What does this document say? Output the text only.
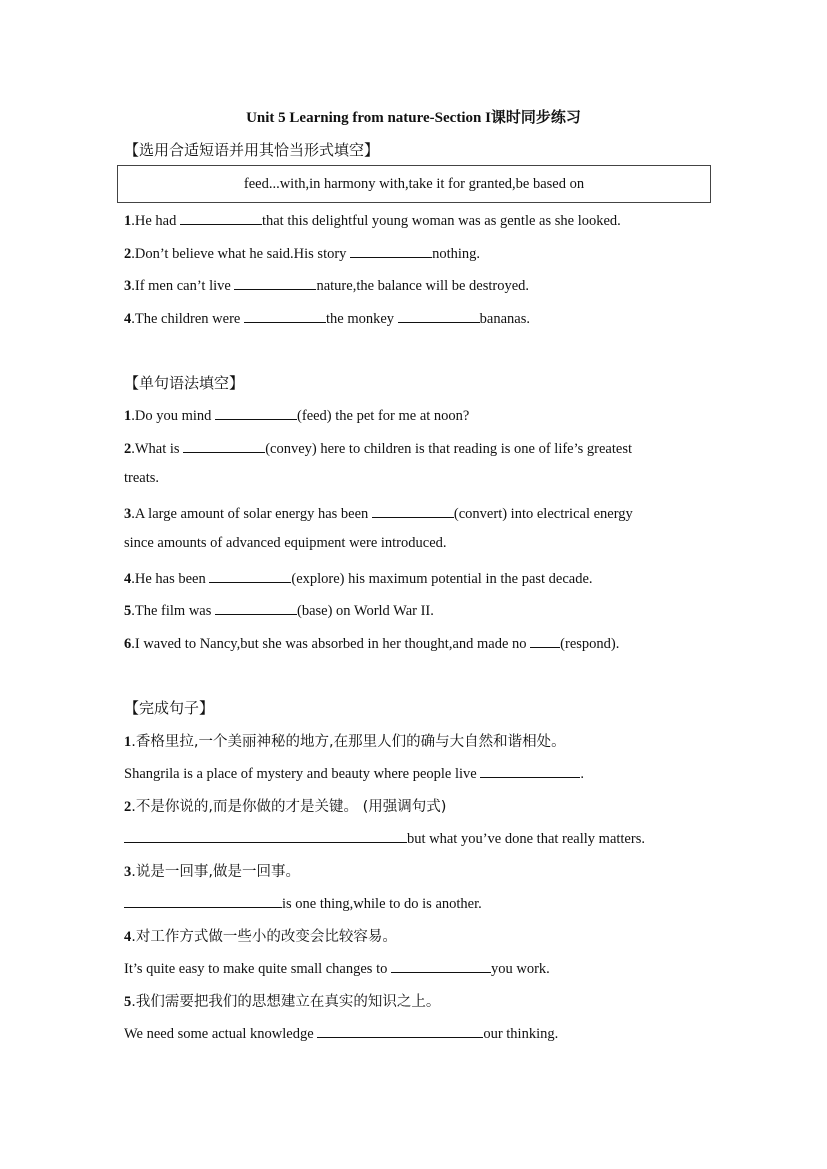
Unit 5 Learning from nature-Section I课时同步练习
【选用合适短语并用其恰当形式填空】
feed...with,in harmony with,take it for granted,be based on
1.He had	that this delightful young woman was as gentle as she looked.
2.Don’t believe what he said.His story	nothing.
3.If men can’t live	nature,the balance will be destroyed.
4.The children were	the monkey	bananas.
【单句语法填空】
1.Do you mind	(feed) the pet for me at noon?
2.What is	(convey) here to children is that reading is one of life’s greatest
treats.
3.A large amount of solar energy has been	(convert) into electrical energy
since amounts of advanced equipment were introduced.
4.He has been	(explore) his maximum potential in the past decade.
5.The film was	(base) on World War II.
6.I waved to Nancy,but she was absorbed in her thought,and made no (respond).
【完成句子】
1.香格里拉,一个美丽神秘的地方,在那里人们的确与大自然和谐相处。
Shangrila is a place of mystery and beauty where people live	.
2.不是你说的,而是你做的才是关键。 (用强调句式)
but what you’ve done that really matters.
3.说是一回事,做是一回事。
is one thing,while to do is another.
4.对工作方式做一些小的改变会比较容易。
It’s quite easy to make quite small changes to	you work.
5.我们需要把我们的思想建立在真实的知识之上。
We need some actual knowledge	our thinking.
